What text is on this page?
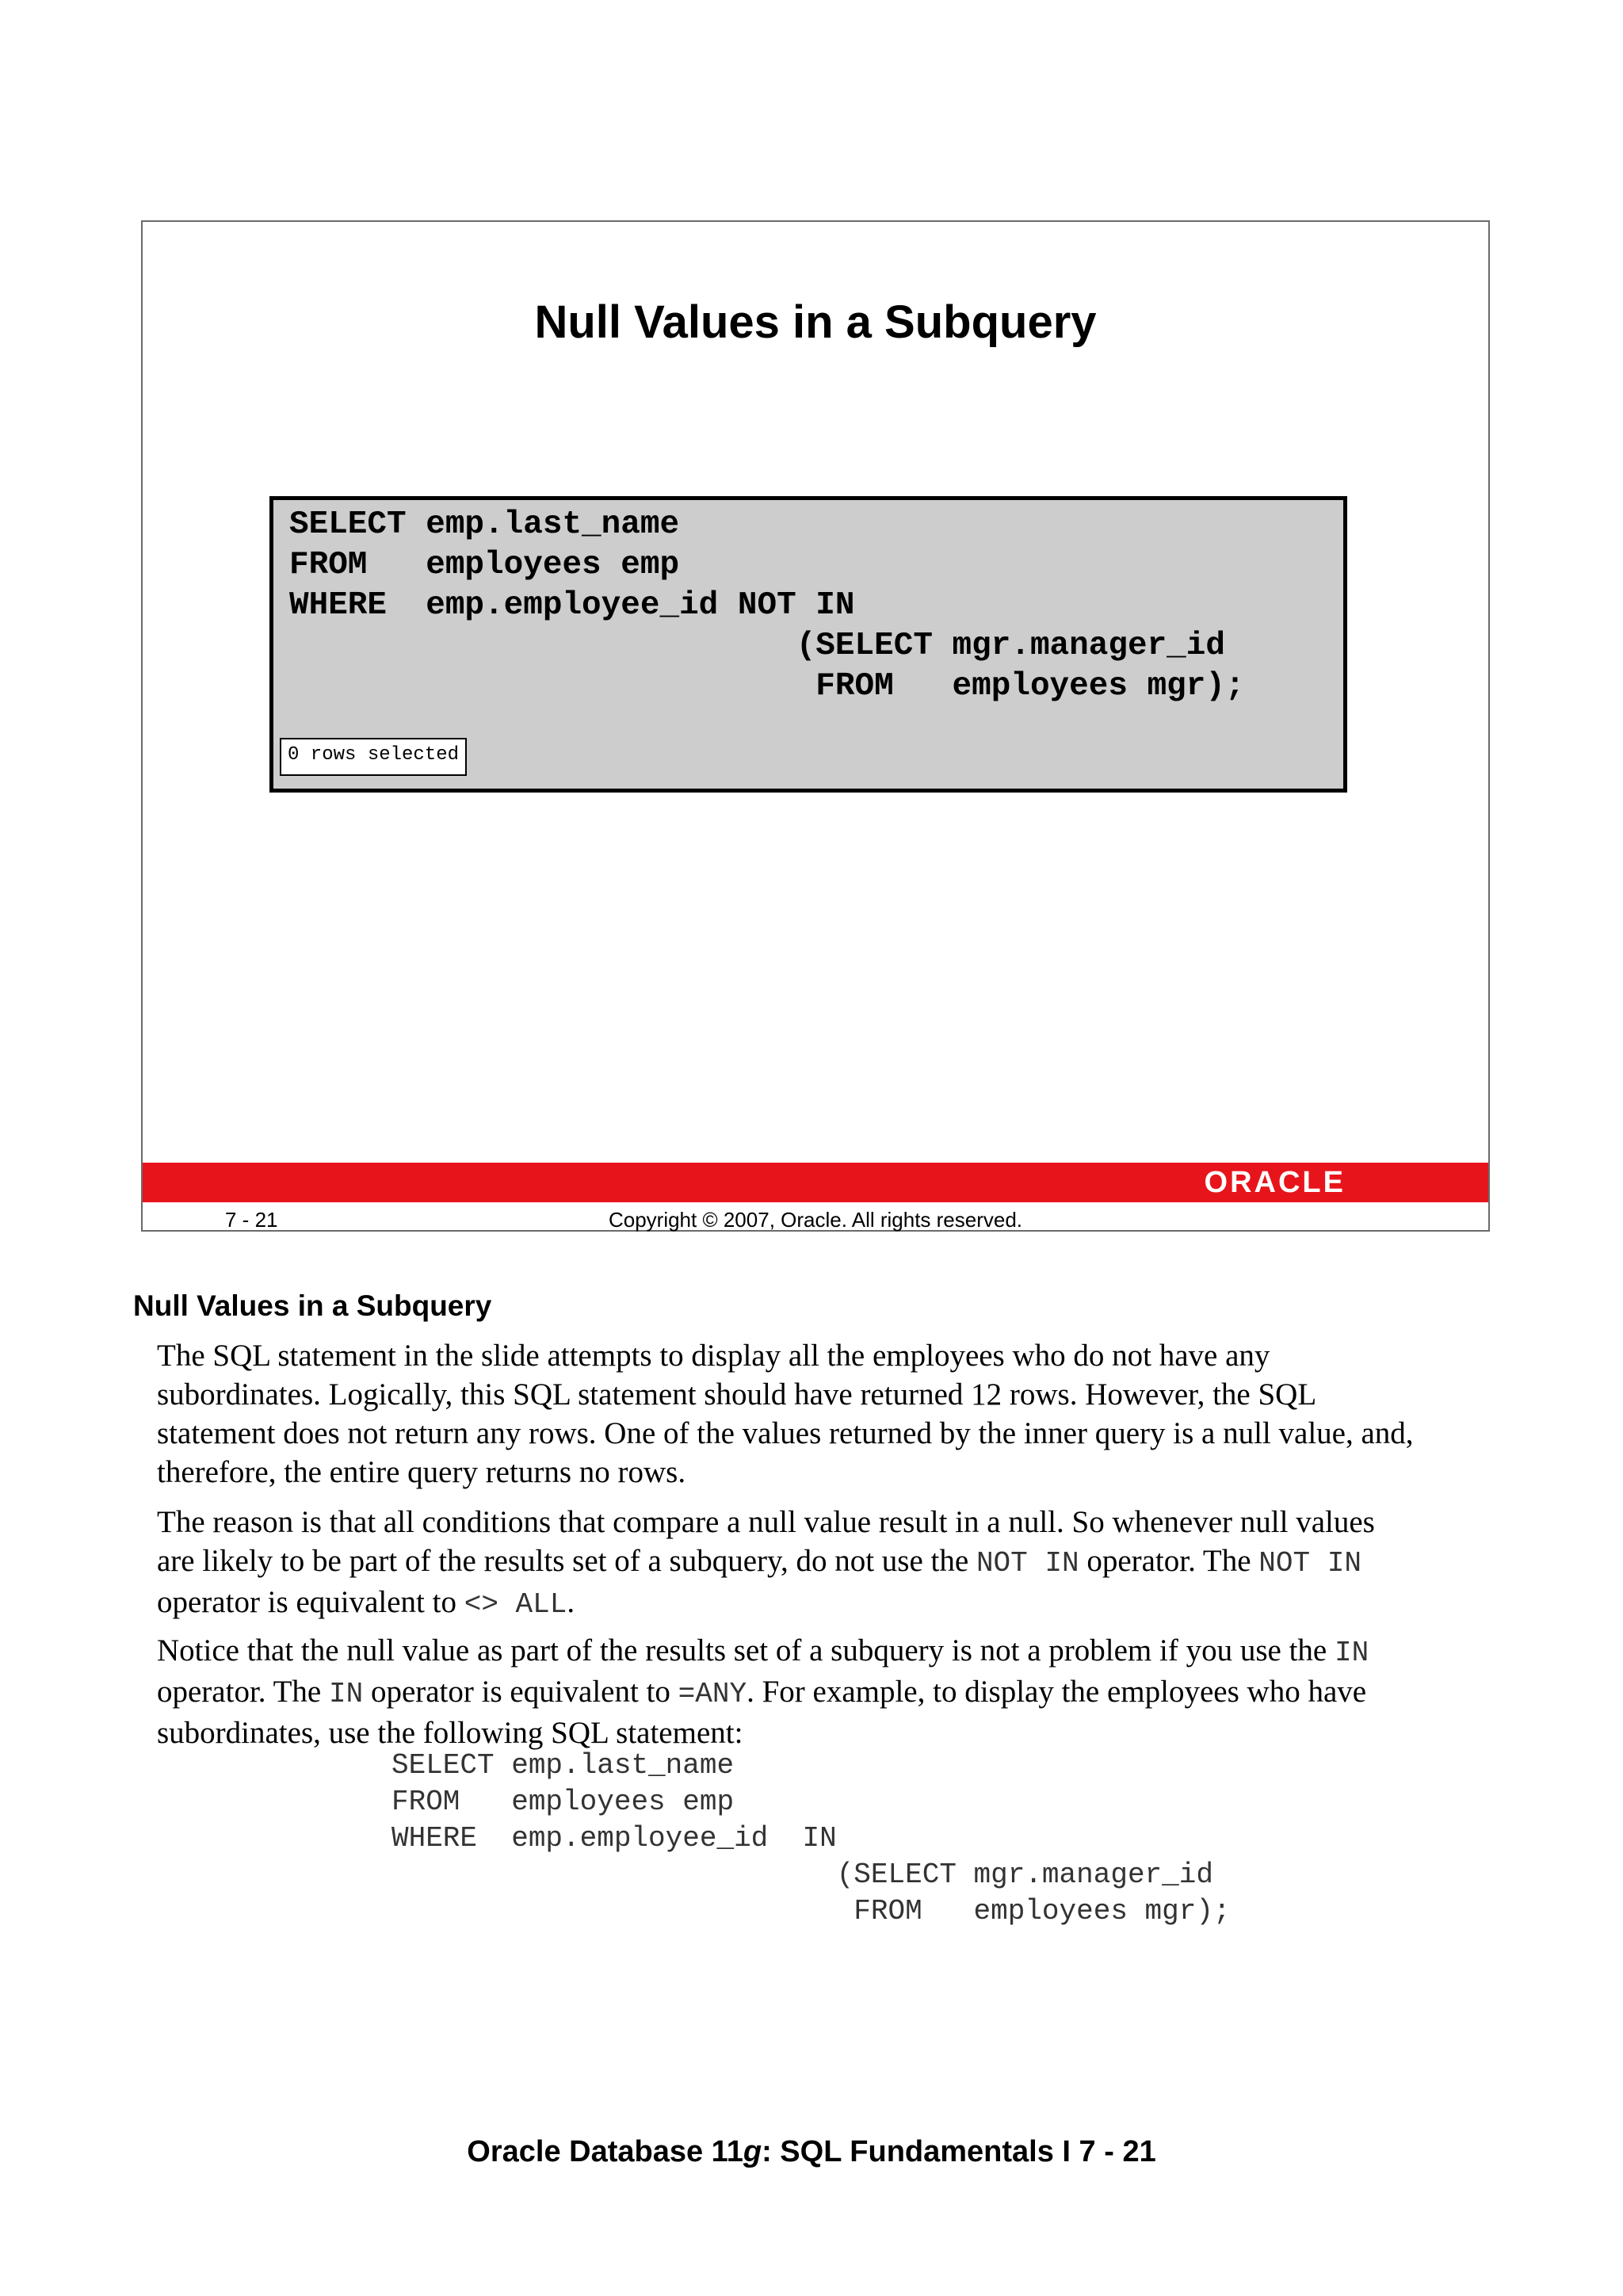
Null Values in a Subquery
SELECT emp.last_name
FROM   employees emp
WHERE  emp.employee_id NOT IN
(SELECT mgr.manager_id
FROM   employees mgr);
0 rows selected
ORACLE
7 - 21	Copyright © 2007, Oracle. All rights reserved.
Null Values in a Subquery
The SQL statement in the slide attempts to display all the employees who do not have any
subordinates. Logically, this SQL statement should have returned 12 rows. However, the SQL
statement does not return any rows. One of the values returned by the inner query is a null value, and,
therefore, the entire query returns no rows.
The reason is that all conditions that compare a null value result in a null. So whenever null values
are likely to be part of the results set of a subquery, do not use the NOT IN operator. The NOT IN
operator is equivalent to <> ALL.
Notice that the null value as part of the results set of a subquery is not a problem if you use the IN
operator. The IN operator is equivalent to =ANY. For example, to display the employees who have
subordinates, use the following SQL statement:
SELECT emp.last_name
FROM   employees emp
WHERE  emp.employee_id  IN
(SELECT mgr.manager_id
FROM   employees mgr);
Oracle Database 11g: SQL Fundamentals I 7 - 21
